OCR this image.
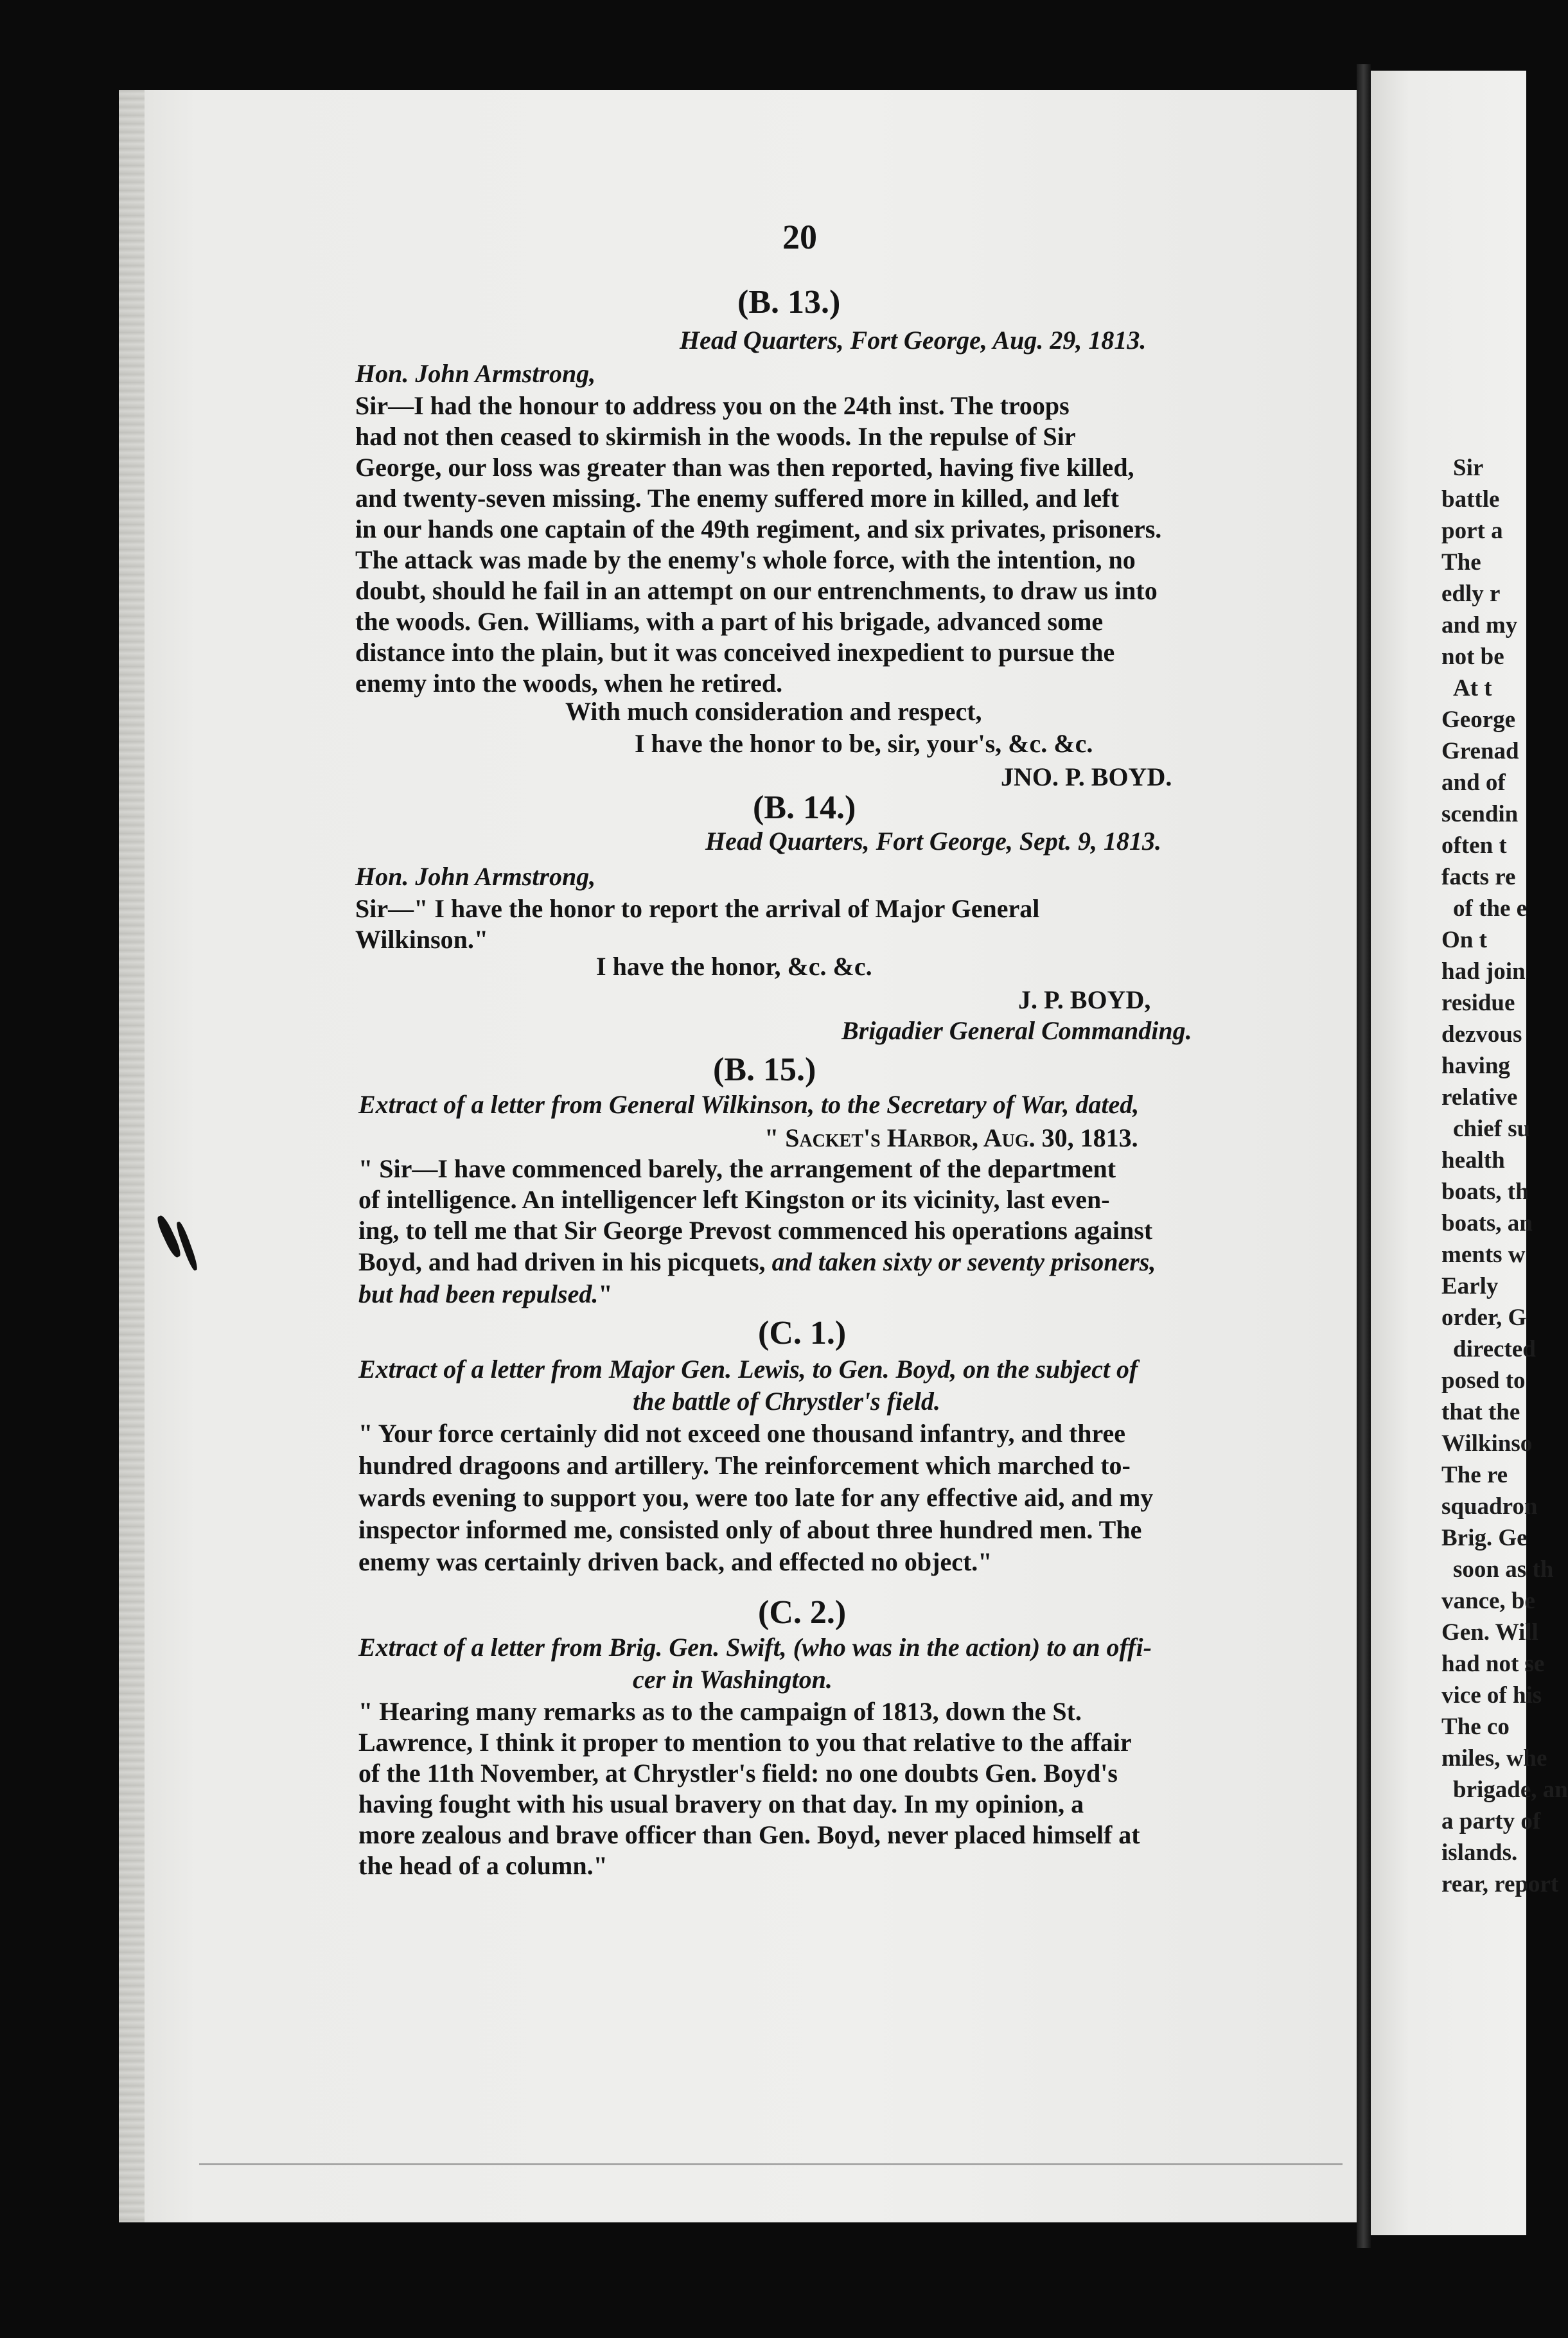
Sir
battle
port a
The
edly r
and my
not be
At t
George
Grenad
and of
scendin
often t
facts re
of the e
On t
had join
residue
dezvous
having
relative
chief su
health
boats, th
boats, an
ments w
Early
order, G
directed
posed to
that the
Wilkinso
The re
squadron
Brig. Ge
soon as th
vance, be
Gen. Will
had not se
vice of his
The co
miles, whe
brigade, an
a party of
islands.
rear, report
20
(B. 13.)
Head Quarters, Fort George, Aug. 29, 1813.
Hon. John Armstrong,
Sir—I had the honour to address you on the 24th inst. The troops
had not then ceased to skirmish in the woods. In the repulse of Sir
George, our loss was greater than was then reported, having five killed,
and twenty-seven missing. The enemy suffered more in killed, and left
in our hands one captain of the 49th regiment, and six privates, prisoners.
The attack was made by the enemy's whole force, with the intention, no
doubt, should he fail in an attempt on our entrenchments, to draw us into
the woods. Gen. Williams, with a part of his brigade, advanced some
distance into the plain, but it was conceived inexpedient to pursue the
enemy into the woods, when he retired.
With much consideration and respect,
I have the honor to be, sir, your's, &c. &c.
JNO. P. BOYD.
(B. 14.)
Head Quarters, Fort George, Sept. 9, 1813.
Hon. John Armstrong,
Sir—" I have the honor to report the arrival of Major General
Wilkinson."
I have the honor, &c. &c.
J. P. BOYD,
Brigadier General Commanding.
(B. 15.)
Extract of a letter from General Wilkinson, to the Secretary of War, dated,
" Sacket's Harbor, Aug. 30, 1813.
" Sir—I have commenced barely, the arrangement of the department
of intelligence. An intelligencer left Kingston or its vicinity, last even-
ing, to tell me that Sir George Prevost commenced his operations against
Boyd, and had driven in his picquets, and taken sixty or seventy prisoners,
but had been repulsed."
(C. 1.)
Extract of a letter from Major Gen. Lewis, to Gen. Boyd, on the subject of
the battle of Chrystler's field.
" Your force certainly did not exceed one thousand infantry, and three
hundred dragoons and artillery. The reinforcement which marched to-
wards evening to support you, were too late for any effective aid, and my
inspector informed me, consisted only of about three hundred men. The
enemy was certainly driven back, and effected no object."
(C. 2.)
Extract of a letter from Brig. Gen. Swift, (who was in the action) to an offi-
cer in Washington.
" Hearing many remarks as to the campaign of 1813, down the St.
Lawrence, I think it proper to mention to you that relative to the affair
of the 11th November, at Chrystler's field: no one doubts Gen. Boyd's
having fought with his usual bravery on that day. In my opinion, a
more zealous and brave officer than Gen. Boyd, never placed himself at
the head of a column."
